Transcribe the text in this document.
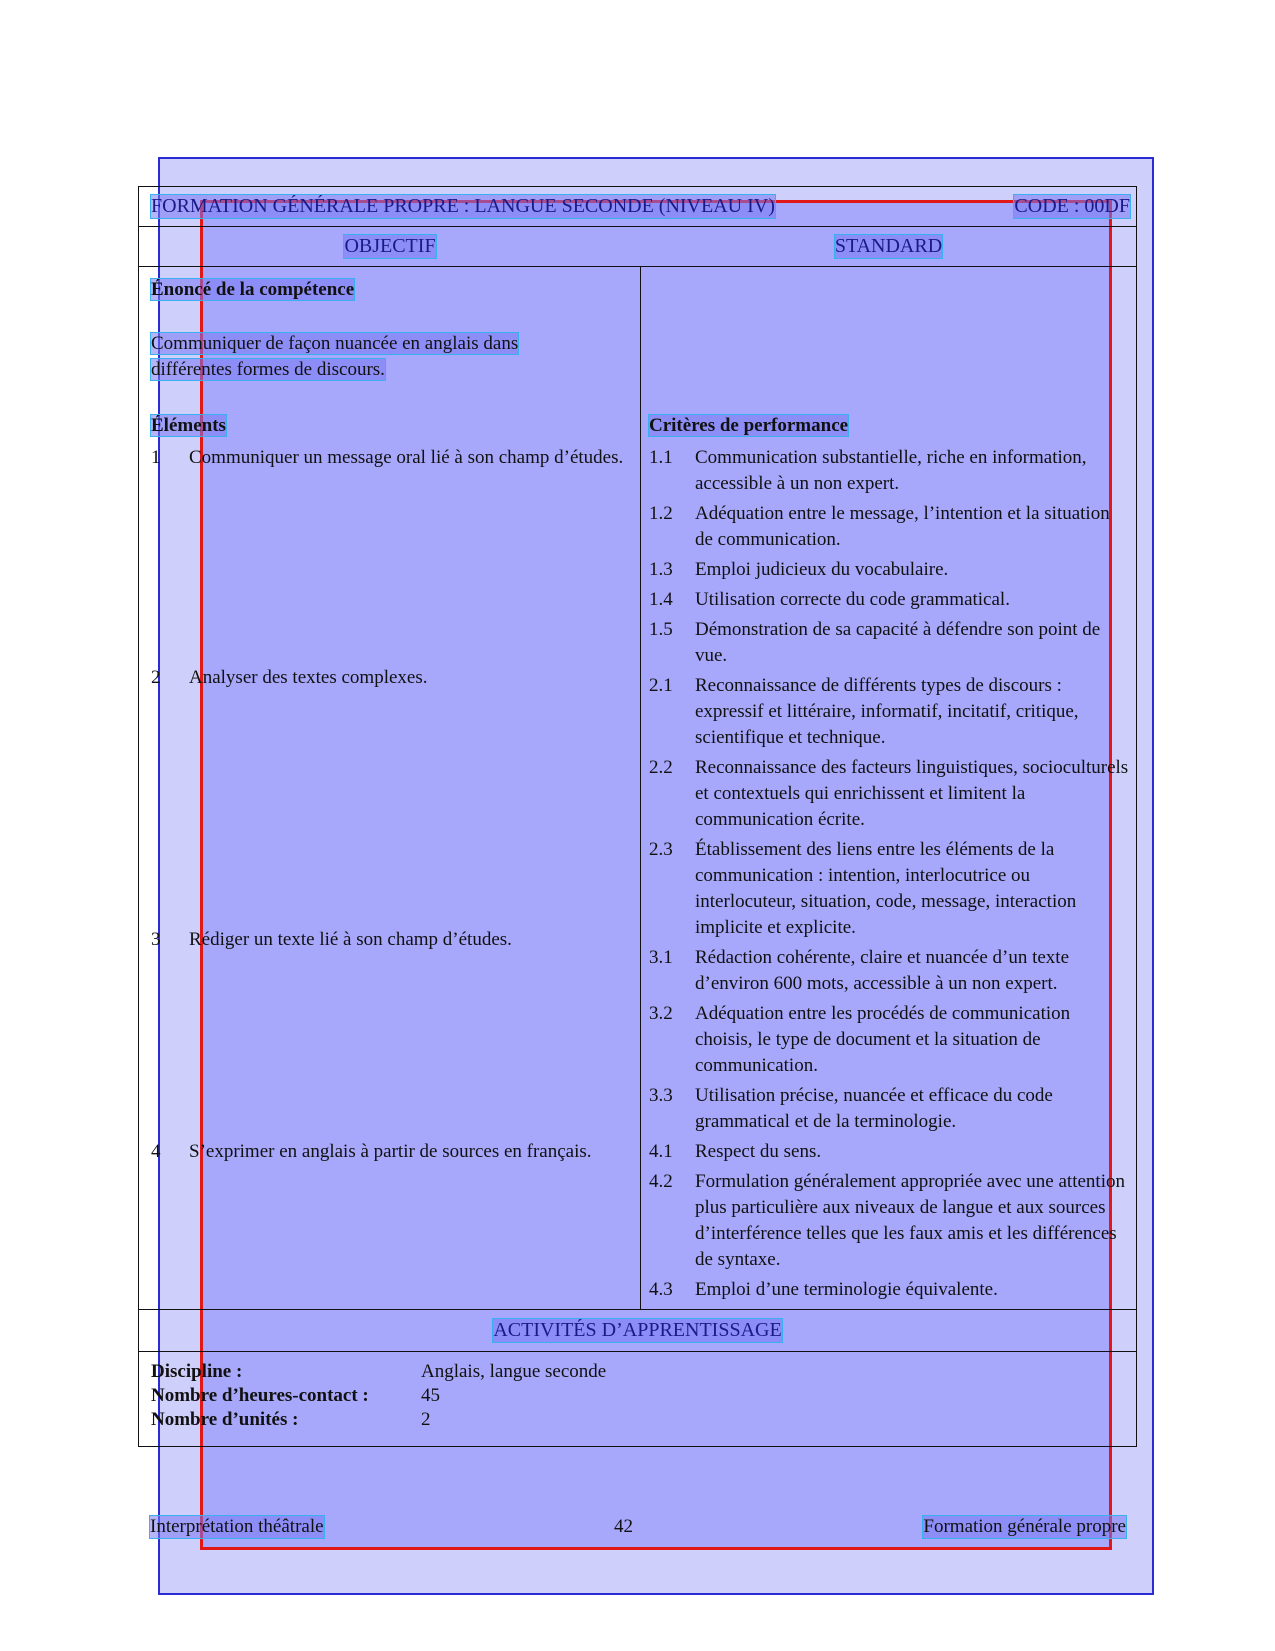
FORMATION GÉNÉRALE PROPRE : LANGUE SECONDE (NIVEAU IV)	CODE : 00DF
OBJECTIF	STANDARD
Énoncé de la compétence
Communiquer de façon nuancée en anglais dans différentes formes de discours.
Éléments
1	Communiquer un message oral lié à son champ d’études.
2	Analyser des textes complexes.
3	Rédiger un texte lié à son champ d’études.
4	S’exprimer en anglais à partir de sources en français.
Critères de performance
1.1	Communication substantielle, riche en information, accessible à un non expert.
1.2	Adéquation entre le message, l’intention et la situation de communication.
1.3	Emploi judicieux du vocabulaire.
1.4	Utilisation correcte du code grammatical.
1.5	Démonstration de sa capacité à défendre son point de vue.
2.1	Reconnaissance de différents types de discours : expressif et littéraire, informatif, incitatif, critique, scientifique et technique.
2.2	Reconnaissance des facteurs linguistiques, socioculturels et contextuels qui enrichissent et limitent la communication écrite.
2.3	Établissement des liens entre les éléments de la communication : intention, interlocutrice ou interlocuteur, situation, code, message, interaction implicite et explicite.
3.1	Rédaction cohérente, claire et nuancée d’un texte d’environ 600 mots, accessible à un non expert.
3.2	Adéquation entre les procédés de communication choisis, le type de document et la situation de communication.
3.3	Utilisation précise, nuancée et efficace du code grammatical et de la terminologie.
4.1	Respect du sens.
4.2	Formulation généralement appropriée avec une attention plus particulière aux niveaux de langue et aux sources d’interférence telles que les faux amis et les différences de syntaxe.
4.3	Emploi d’une terminologie équivalente.
ACTIVITÉS D’APPRENTISSAGE
Discipline :	Anglais, langue seconde
Nombre d’heures-contact :	45
Nombre d’unités :	2
Interprétation théâtrale	42	Formation générale propre
